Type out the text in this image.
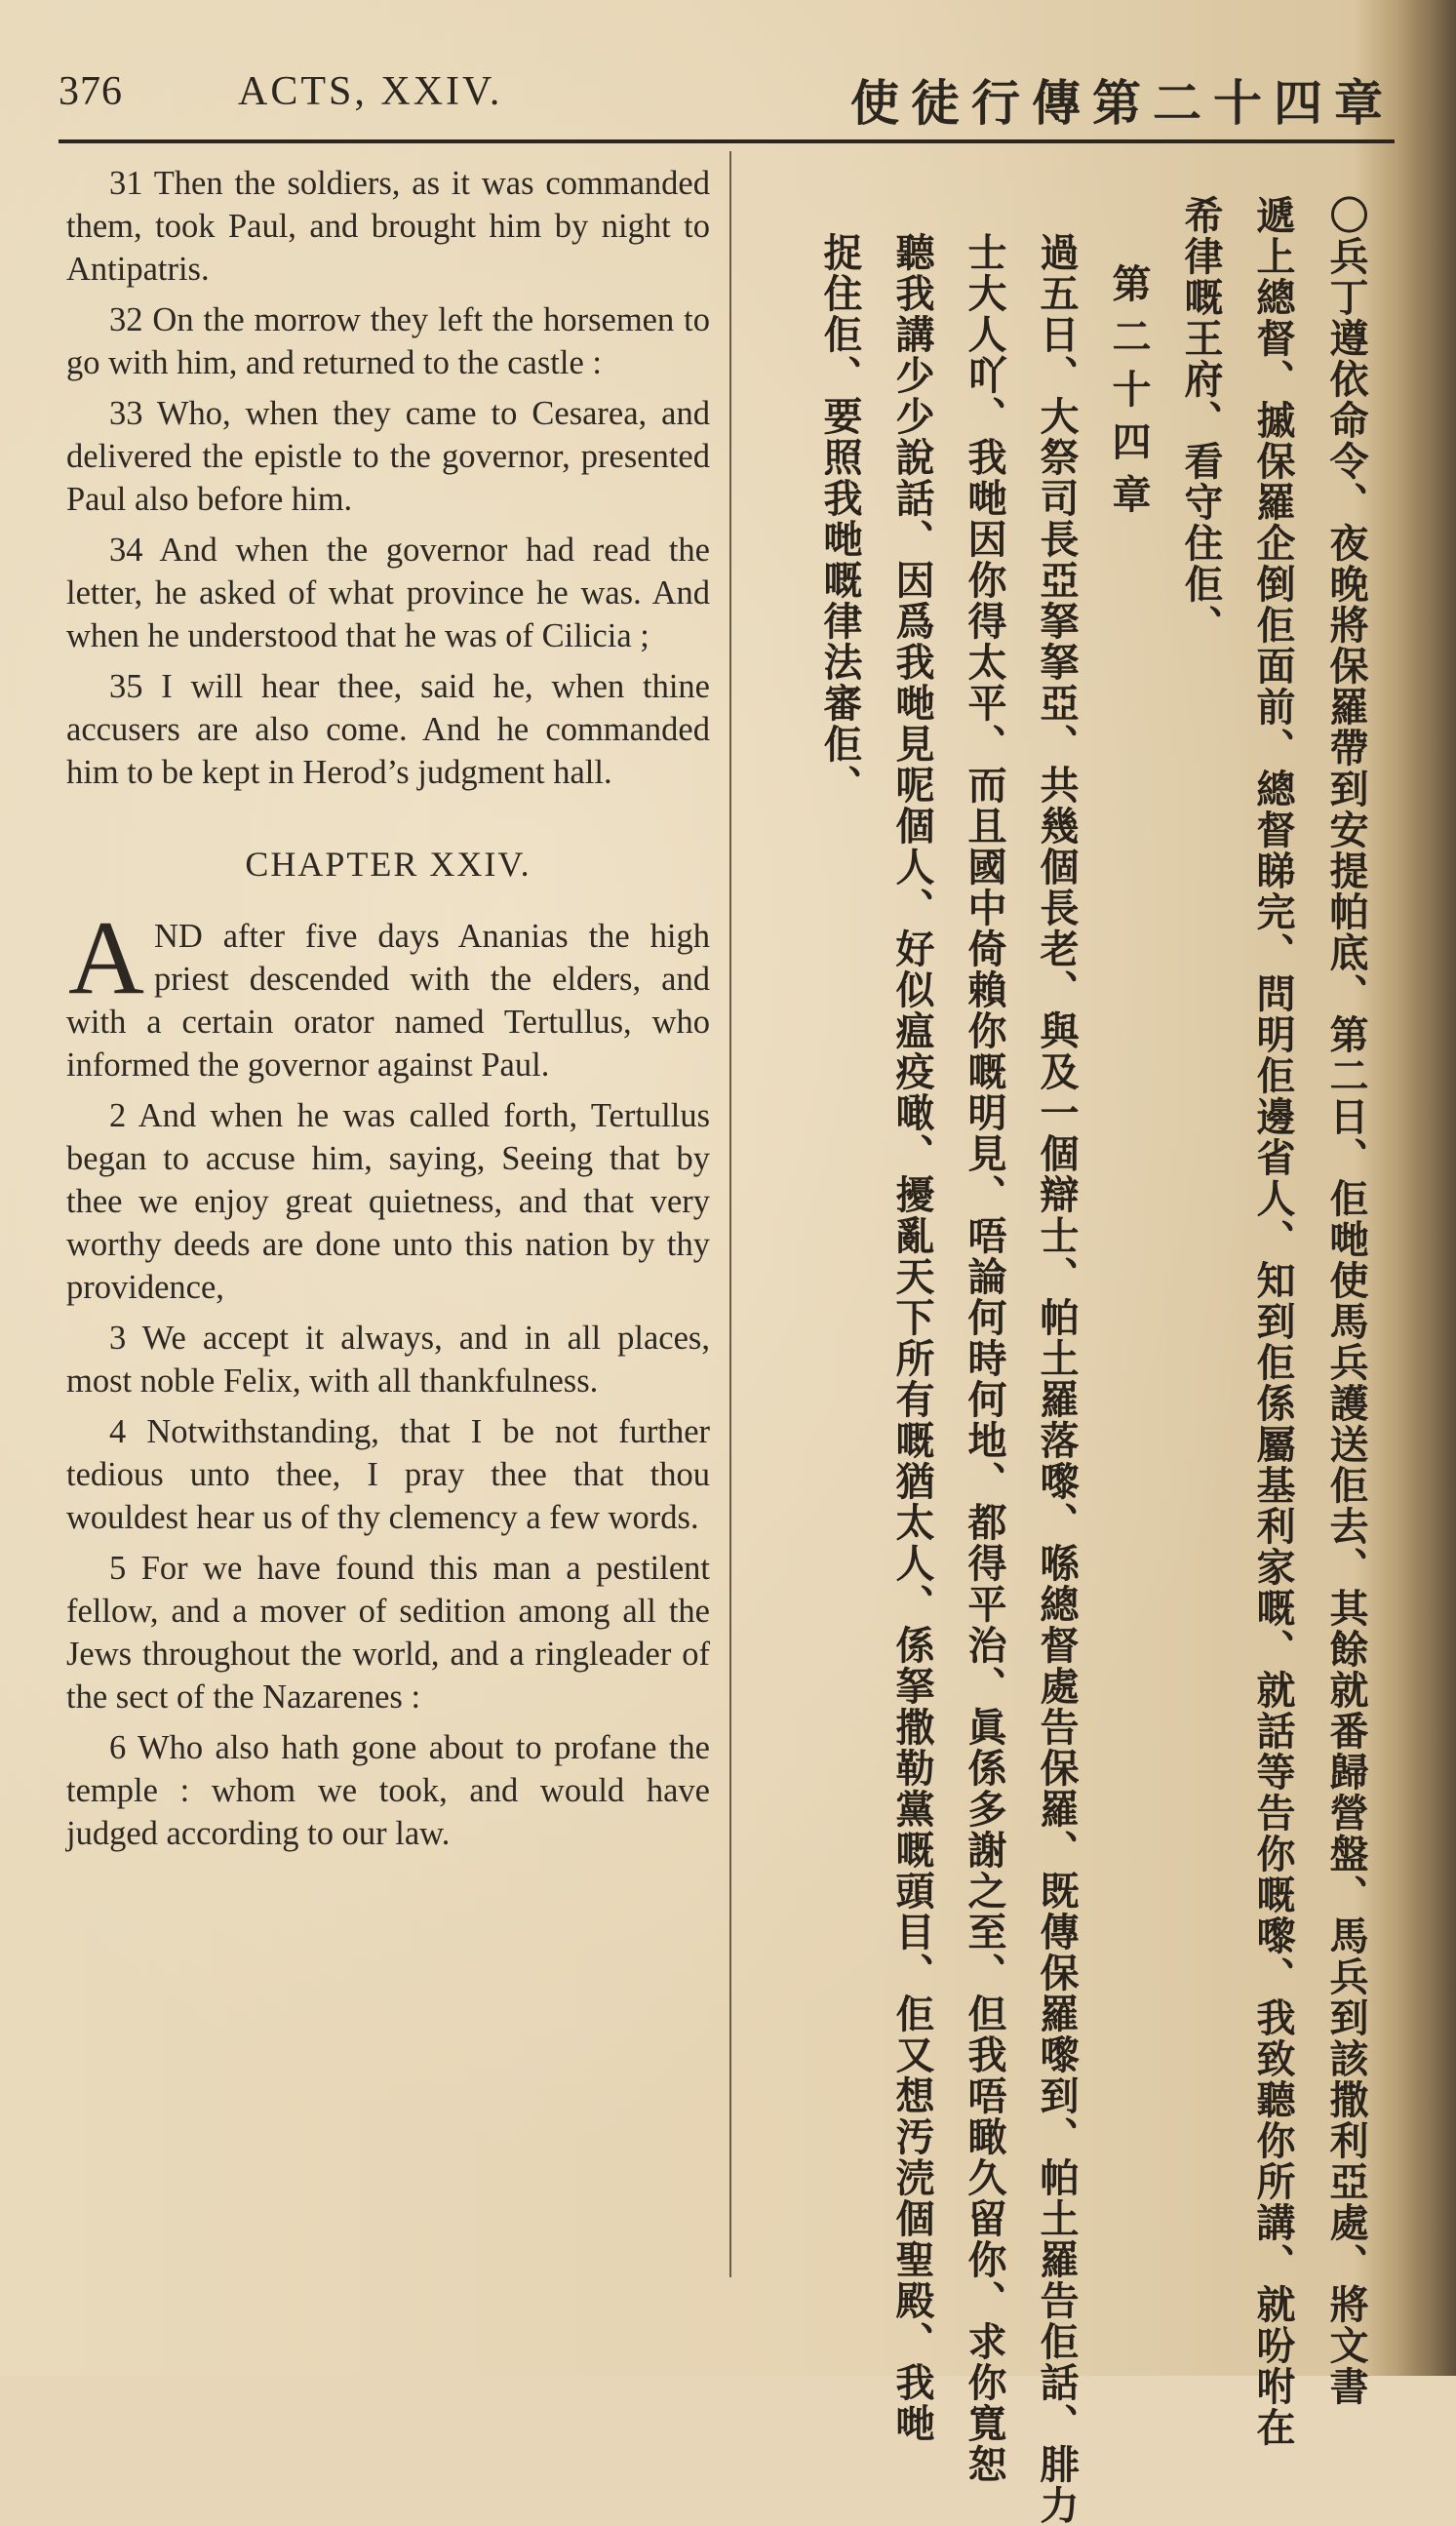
376	ACTS, XXIV.	使徒行傳第二十四章

31 Then the soldiers, as it was commanded them, took Paul, and brought him by night to Antipatris.

32 On the morrow they left the horsemen to go with him, and returned to the castle :

33 Who, when they came to Cesarea, and delivered the epistle to the governor, presented Paul also before him.

34 And when the governor had read the letter, he asked of what province he was. And when he understood that he was of Cilicia ;

35 I will hear thee, said he, when thine accusers are also come. And he commanded him to be kept in Herod’s judgment hall.

CHAPTER XXIV.

AND after five days Ananias the high priest descended with the elders, and with a certain orator named Tertullus, who informed the governor against Paul.

2 And when he was called forth, Tertullus began to accuse him, saying, Seeing that by thee we enjoy great quietness, and that very worthy deeds are done unto this nation by thy providence,

3 We accept it always, and in all places, most noble Felix, with all thankfulness.

4 Notwithstanding, that I be not further tedious unto thee, I pray thee that thou wouldest hear us of thy clemency a few words.

5 For we have found this man a pestilent fellow, and a mover of sedition among all the Jews throughout the world, and a ringleader of the sect of the Nazarenes :

6 Who also hath gone about to profane the temple : whom we took, and would have judged according to our law.	〇兵丁遵依命令、夜晚將保羅帶到安提帕底、第二日、佢哋使馬兵護送佢去、其餘就番歸營盤、馬兵到該撒利亞處、將文書
遞上總督、摵保羅企倒佢面前、總督睇完、問明佢邊省人、知到佢係屬基利家嘅、就話等告你嘅嚟、我致聽你所講、就吩咐在
希律嘅王府、看守住佢、
第二十四章
過五日、大祭司長亞拏拏亞、共幾個長老、與及一個辯士、帕土羅落嚟、喺總督處告保羅、既傳保羅嚟到、帕土羅告佢話、腓力
士大人吖、我哋因你得太平、而且國中倚賴你嘅明見、唔論何時何地、都得平治、眞係多謝之至、但我唔瞰久留你、求你寬恕
聽我講少少說話、因爲我哋見呢個人、好似瘟疫噉、擾亂天下所有嘅猶太人、係拏撒勒黨嘅頭目、佢又想汚涜個聖殿、我哋
捉住佢、要照我哋嘅律法審佢、
